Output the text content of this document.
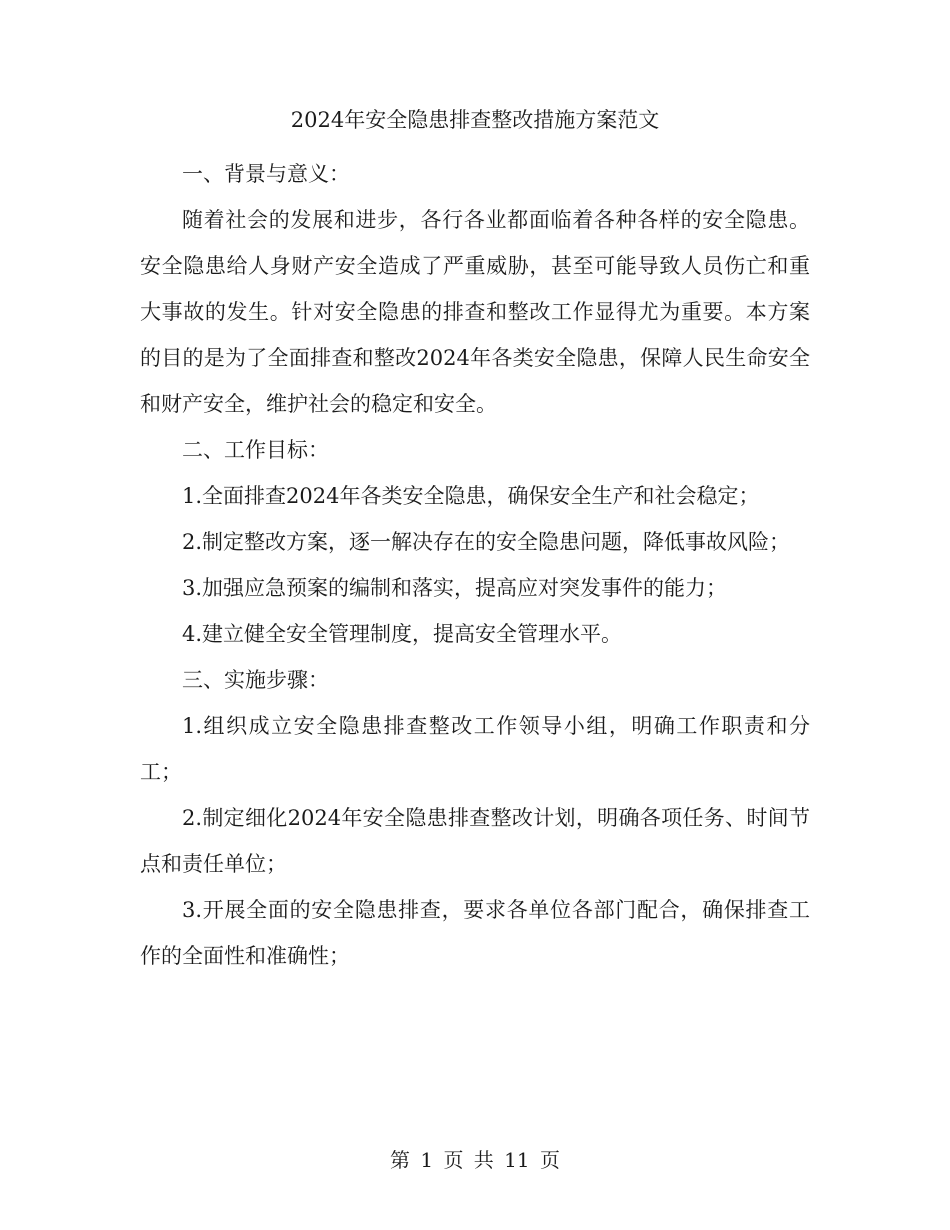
2024年安全隐患排查整改措施方案范文

一、背景与意义：

随着社会的发展和进步，各行各业都面临着各种各样的安全隐患。安全隐患给人身财产安全造成了严重威胁，甚至可能导致人员伤亡和重大事故的发生。针对安全隐患的排查和整改工作显得尤为重要。本方案的目的是为了全面排查和整改2024年各类安全隐患，保障人民生命安全和财产安全，维护社会的稳定和安全。

二、工作目标：

1.全面排查2024年各类安全隐患，确保安全生产和社会稳定；

2.制定整改方案，逐一解决存在的安全隐患问题，降低事故风险；

3.加强应急预案的编制和落实，提高应对突发事件的能力；

4.建立健全安全管理制度，提高安全管理水平。

三、实施步骤：

1.组织成立安全隐患排查整改工作领导小组，明确工作职责和分工；

2.制定细化2024年安全隐患排查整改计划，明确各项任务、时间节点和责任单位；

3.开展全面的安全隐患排查，要求各单位各部门配合，确保排查工作的全面性和准确性；

第 1 页 共 11 页
